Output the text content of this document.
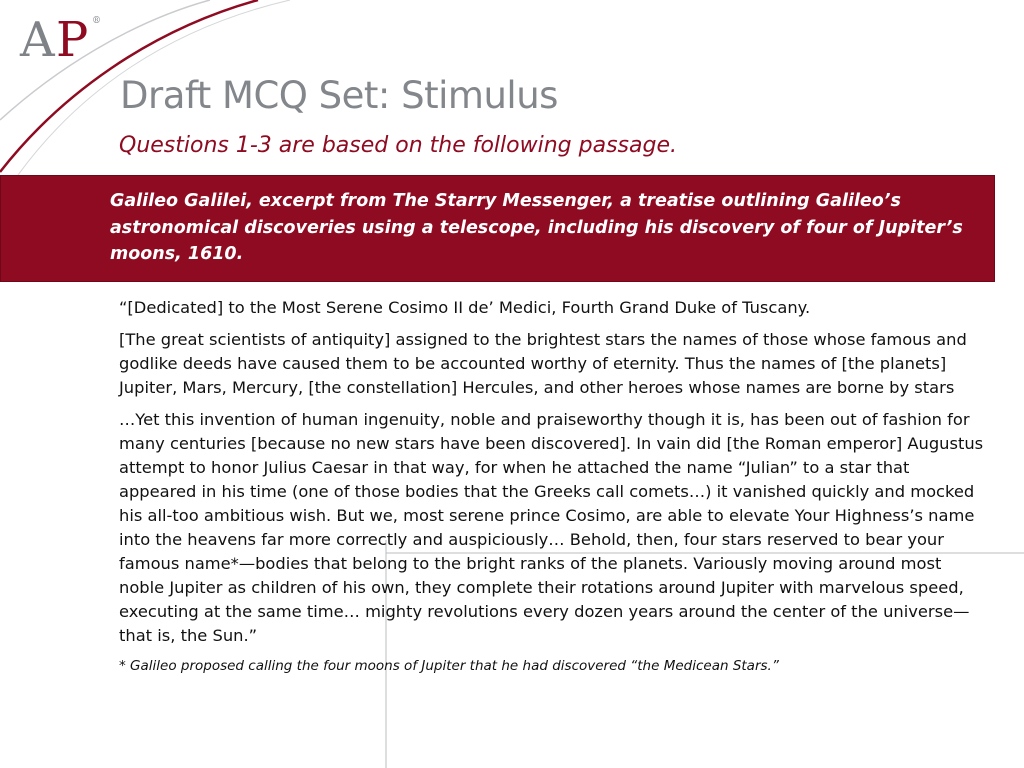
A P ®
Draft MCQ Set: Stimulus
Questions 1-3 are based on the following passage.

Galileo Galilei, excerpt from The Starry Messenger, a treatise outlining Galileo’s astronomical discoveries using a telescope, including his discovery of four of Jupiter’s moons, 1610.

“[Dedicated] to the Most Serene Cosimo II de’ Medici, Fourth Grand Duke of Tuscany.

[The great scientists of antiquity] assigned to the brightest stars the names of those whose famous and godlike deeds have caused them to be accounted worthy of eternity. Thus the names of [the planets] Jupiter, Mars, Mercury, [the constellation] Hercules, and other heroes whose names are borne by stars

…Yet this invention of human ingenuity, noble and praiseworthy though it is, has been out of fashion for many centuries [because no new stars have been discovered]. In vain did [the Roman emperor] Augustus attempt to honor Julius Caesar in that way, for when he attached the name “Julian” to a star that appeared in his time (one of those bodies that the Greeks call comets…) it vanished quickly and mocked his all-too ambitious wish. But we, most serene prince Cosimo, are able to elevate Your Highness’s name into the heavens far more correctly and auspiciously… Behold, then, four stars reserved to bear your famous name*—bodies that belong to the bright ranks of the planets. Variously moving around most noble Jupiter as children of his own, they complete their rotations around Jupiter with marvelous speed, executing at the same time… mighty revolutions every dozen years around the center of the universe—that is, the Sun.”

* Galileo proposed calling the four moons of Jupiter that he had discovered “the Medicean Stars.”
